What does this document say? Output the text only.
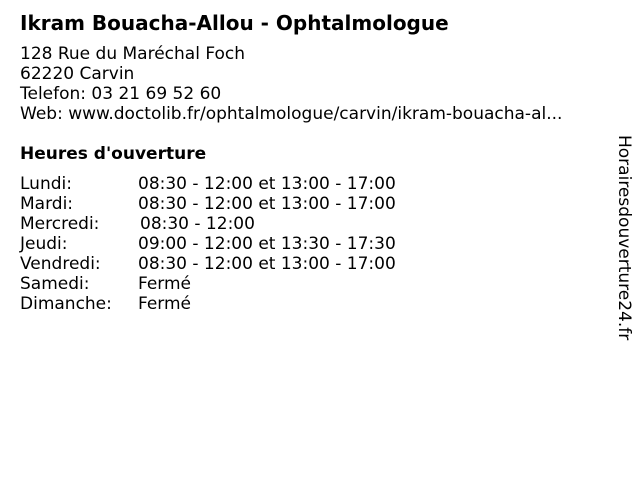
Ikram Bouacha-Allou - Ophtalmologue
128 Rue du Maréchal Foch
62220 Carvin
Telefon: 03 21 69 52 60
Web: www.doctolib.fr/ophtalmologue/carvin/ikram-bouacha-al...
Heures d'ouverture
Lundi:	08:30 - 12:00 et 13:00 - 17:00
Mardi:	08:30 - 12:00 et 13:00 - 17:00
Mercredi: 08:30 - 12:00
Jeudi:	09:00 - 12:00 et 13:30 - 17:30
Vendredi: 08:30 - 12:00 et 13:00 - 17:00
Samedi:	Fermé
Dimanche: Fermé	Horairesdouverture24.fr
